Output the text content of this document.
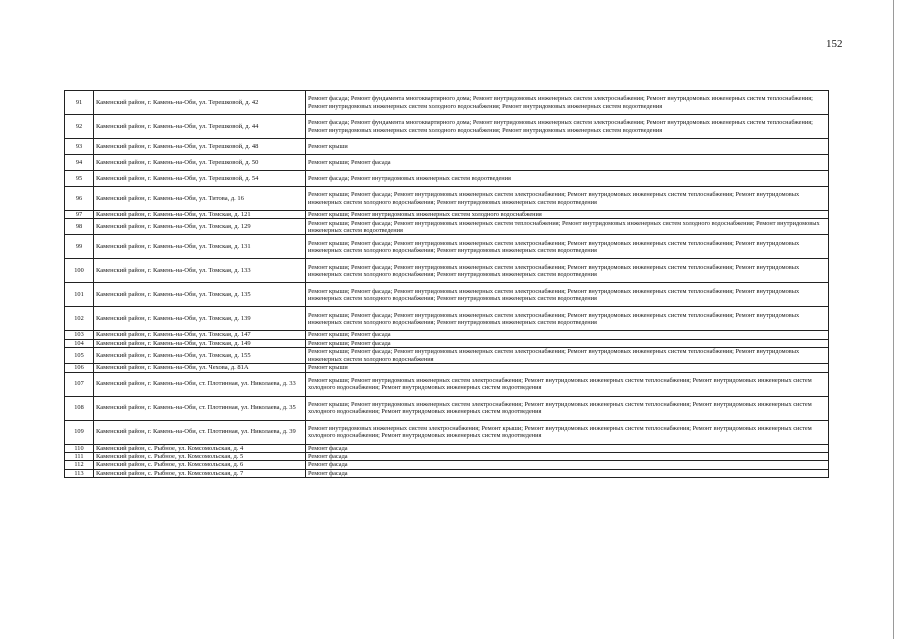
152
91	Каменский район, г. Камень-на-Оби, ул. Терешковой, д. 42	Ремонт фасада; Ремонт фундамента многоквартирного дома; Ремонт внутридомовых инженерных систем электроснабжения; Ремонт внутридомовых инженерных систем теплоснабжения; Ремонт внутридомовых инженерных систем холодного водоснабжения; Ремонт внутридомовых инженерных систем водоотведения
92	Каменский район, г. Камень-на-Оби, ул. Терешковой, д. 44	Ремонт фасада; Ремонт фундамента многоквартирного дома; Ремонт внутридомовых инженерных систем электроснабжения; Ремонт внутридомовых инженерных систем теплоснабжения; Ремонт внутридомовых инженерных систем холодного водоснабжения; Ремонт внутридомовых инженерных систем водоотведения
93	Каменский район, г. Камень-на-Оби, ул. Терешковой, д. 48	Ремонт крыши
94	Каменский район, г. Камень-на-Оби, ул. Терешковой, д. 50	Ремонт крыши; Ремонт фасада
95	Каменский район, г. Камень-на-Оби, ул. Терешковой, д. 54	Ремонт фасада; Ремонт внутридомовых инженерных систем водоотведения
96	Каменский район, г. Камень-на-Оби, ул. Титова, д. 16	Ремонт крыши; Ремонт фасада; Ремонт внутридомовых инженерных систем электроснабжения; Ремонт внутридомовых инженерных систем теплоснабжения; Ремонт внутридомовых инженерных систем холодного водоснабжения; Ремонт внутридомовых инженерных систем водоотведения
97	Каменский район, г. Камень-на-Оби, ул. Томская, д. 121	Ремонт крыши; Ремонт внутридомовых инженерных систем холодного водоснабжения
98	Каменский район, г. Камень-на-Оби, ул. Томская, д. 129	Ремонт крыши; Ремонт фасада; Ремонт внутридомовых инженерных систем теплоснабжения; Ремонт внутридомовых инженерных систем холодного водоснабжения; Ремонт внутридомовых инженерных систем водоотведения
99	Каменский район, г. Камень-на-Оби, ул. Томская, д. 131	Ремонт крыши; Ремонт фасада; Ремонт внутридомовых инженерных систем электроснабжения; Ремонт внутридомовых инженерных систем теплоснабжения; Ремонт внутридомовых инженерных систем холодного водоснабжения; Ремонт внутридомовых инженерных систем водоотведения
100	Каменский район, г. Камень-на-Оби, ул. Томская, д. 133	Ремонт крыши; Ремонт фасада; Ремонт внутридомовых инженерных систем электроснабжения; Ремонт внутридомовых инженерных систем теплоснабжения; Ремонт внутридомовых инженерных систем холодного водоснабжения; Ремонт внутридомовых инженерных систем водоотведения
101	Каменский район, г. Камень-на-Оби, ул. Томская, д. 135	Ремонт крыши; Ремонт фасада; Ремонт внутридомовых инженерных систем электроснабжения; Ремонт внутридомовых инженерных систем теплоснабжения; Ремонт внутридомовых инженерных систем холодного водоснабжения; Ремонт внутридомовых инженерных систем водоотведения
102	Каменский район, г. Камень-на-Оби, ул. Томская, д. 139	Ремонт крыши; Ремонт фасада; Ремонт внутридомовых инженерных систем электроснабжения; Ремонт внутридомовых инженерных систем теплоснабжения; Ремонт внутридомовых инженерных систем холодного водоснабжения; Ремонт внутридомовых инженерных систем водоотведения
103	Каменский район, г. Камень-на-Оби, ул. Томская, д. 147	Ремонт крыши; Ремонт фасада
104	Каменский район, г. Камень-на-Оби, ул. Томская, д. 149	Ремонт крыши; Ремонт фасада
105	Каменский район, г. Камень-на-Оби, ул. Томская, д. 155	Ремонт крыши; Ремонт фасада; Ремонт внутридомовых инженерных систем электроснабжения; Ремонт внутридомовых инженерных систем теплоснабжения; Ремонт внутридомовых инженерных систем холодного водоснабжения
106	Каменский район, г. Камень-на-Оби, ул. Чехова, д. 81А	Ремонт крыши
107	Каменский район, г. Камень-на-Оби, ст. Плотинная, ул. Николаева, д. 33	Ремонт крыши; Ремонт внутридомовых инженерных систем электроснабжения; Ремонт внутридомовых инженерных систем теплоснабжения; Ремонт внутридомовых инженерных систем холодного водоснабжения; Ремонт внутридомовых инженерных систем водоотведения
108	Каменский район, г. Камень-на-Оби, ст. Плотинная, ул. Николаева, д. 35	Ремонт крыши; Ремонт внутридомовых инженерных систем электроснабжения; Ремонт внутридомовых инженерных систем теплоснабжения; Ремонт внутридомовых инженерных систем холодного водоснабжения; Ремонт внутридомовых инженерных систем водоотведения
109	Каменский район, г. Камень-на-Оби, ст. Плотинная, ул. Николаева, д. 39	Ремонт внутридомовых инженерных систем электроснабжения; Ремонт крыши; Ремонт внутридомовых инженерных систем теплоснабжения; Ремонт внутридомовых инженерных систем холодного водоснабжения; Ремонт внутридомовых инженерных систем водоотведения
110	Каменский район, с. Рыбное, ул. Комсомольская, д. 4	Ремонт фасада
111	Каменский район, с. Рыбное, ул. Комсомольская, д. 5	Ремонт фасада
112	Каменский район, с. Рыбное, ул. Комсомольская, д. 6	Ремонт фасада
113	Каменский район, с. Рыбное, ул. Комсомольская, д. 7	Ремонт фасада
